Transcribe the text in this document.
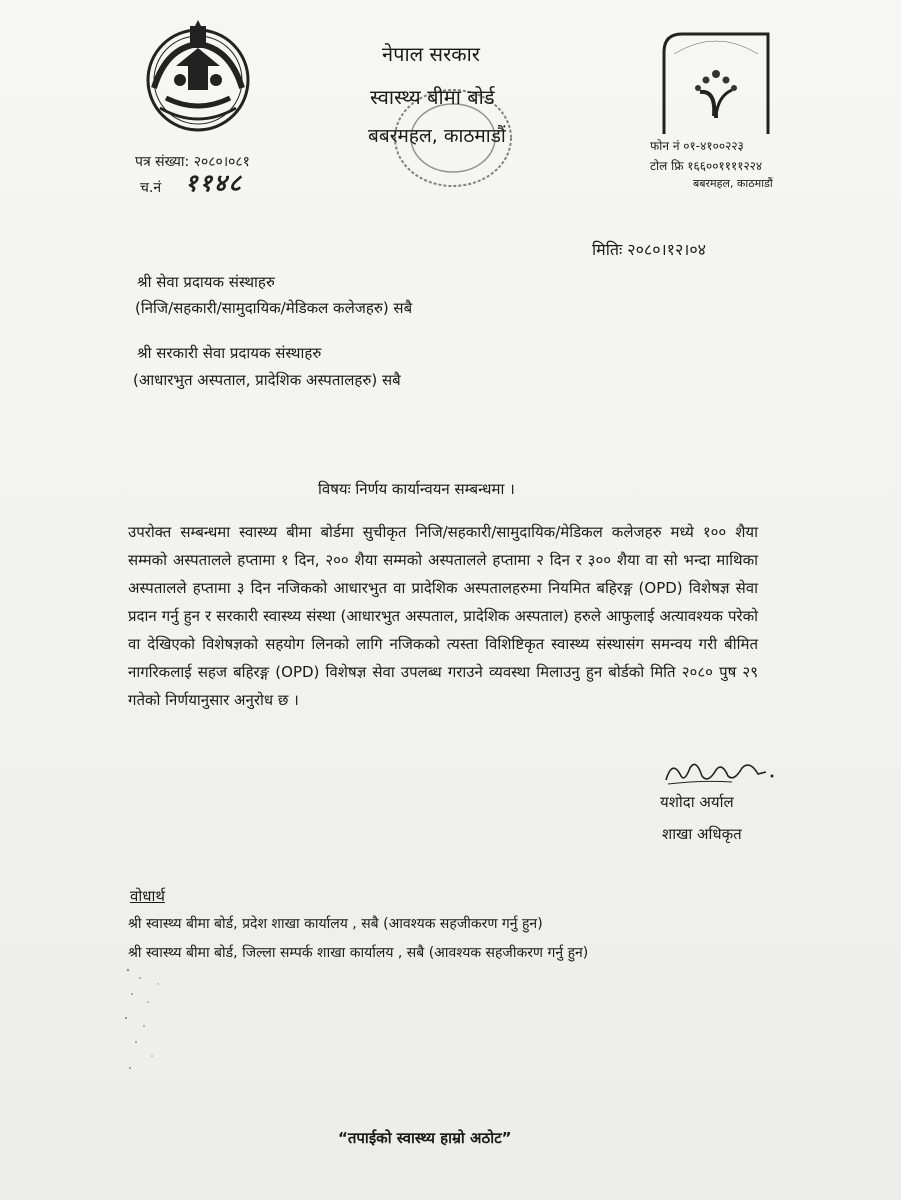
नेपाल सरकार
स्वास्थ्य बीमा बोर्ड
बबरमहल, काठमाडौं
पत्र संख्या: २०८०।०८१
च.नं ११४८
फोन नं ०१-४१००२२३
टोल फ्रि १६६००११११२२४
बबरमहल, काठमाडौं
मितिः २०८०।१२।०४
श्री सेवा प्रदायक संस्थाहरु
(निजि/सहकारी/सामुदायिक/मेडिकल कलेजहरु) सबै
श्री सरकारी सेवा प्रदायक संस्थाहरु
(आधारभुत अस्पताल, प्रादेशिक अस्पतालहरु) सबै
विषयः निर्णय कार्यान्वयन सम्बन्धमा ।
उपरोक्त सम्बन्धमा स्वास्थ्य बीमा बोर्डमा सुचीकृत निजि/सहकारी/सामुदायिक/मेडिकल कलेजहरु मध्ये १०० शैया सम्मको अस्पतालले हप्तामा १ दिन, २०० शैया सम्मको अस्पतालले हप्तामा २ दिन र ३०० शैया वा सो भन्दा माथिका अस्पतालले हप्तामा ३ दिन नजिकको आधारभुत वा प्रादेशिक अस्पतालहरुमा नियमित बहिरङ्ग (OPD) विशेषज्ञ सेवा प्रदान गर्नु हुन र सरकारी स्वास्थ्य संस्था (आधारभुत अस्पताल, प्रादेशिक अस्पताल) हरुले आफुलाई अत्यावश्यक परेको वा देखिएको विशेषज्ञको सहयोग लिनको लागि नजिकको त्यस्ता विशिष्टिकृत स्वास्थ्य संस्थासंग समन्वय गरी बीमित नागरिकलाई सहज बहिरङ्ग (OPD) विशेषज्ञ सेवा उपलब्ध गराउने व्यवस्था मिलाउनु हुन बोर्डको मिति २०८० पुष २९ गतेको निर्णयानुसार अनुरोध छ ।
यशोदा अर्याल
शाखा अधिकृत
वोधार्थ
श्री स्वास्थ्य बीमा बोर्ड, प्रदेश शाखा कार्यालय , सबै (आवश्यक सहजीकरण गर्नु हुन)
श्री स्वास्थ्य बीमा बोर्ड, जिल्ला सम्पर्क शाखा कार्यालय , सबै (आवश्यक सहजीकरण गर्नु हुन)
“तपाईको स्वास्थ्य हाम्रो अठोट”
